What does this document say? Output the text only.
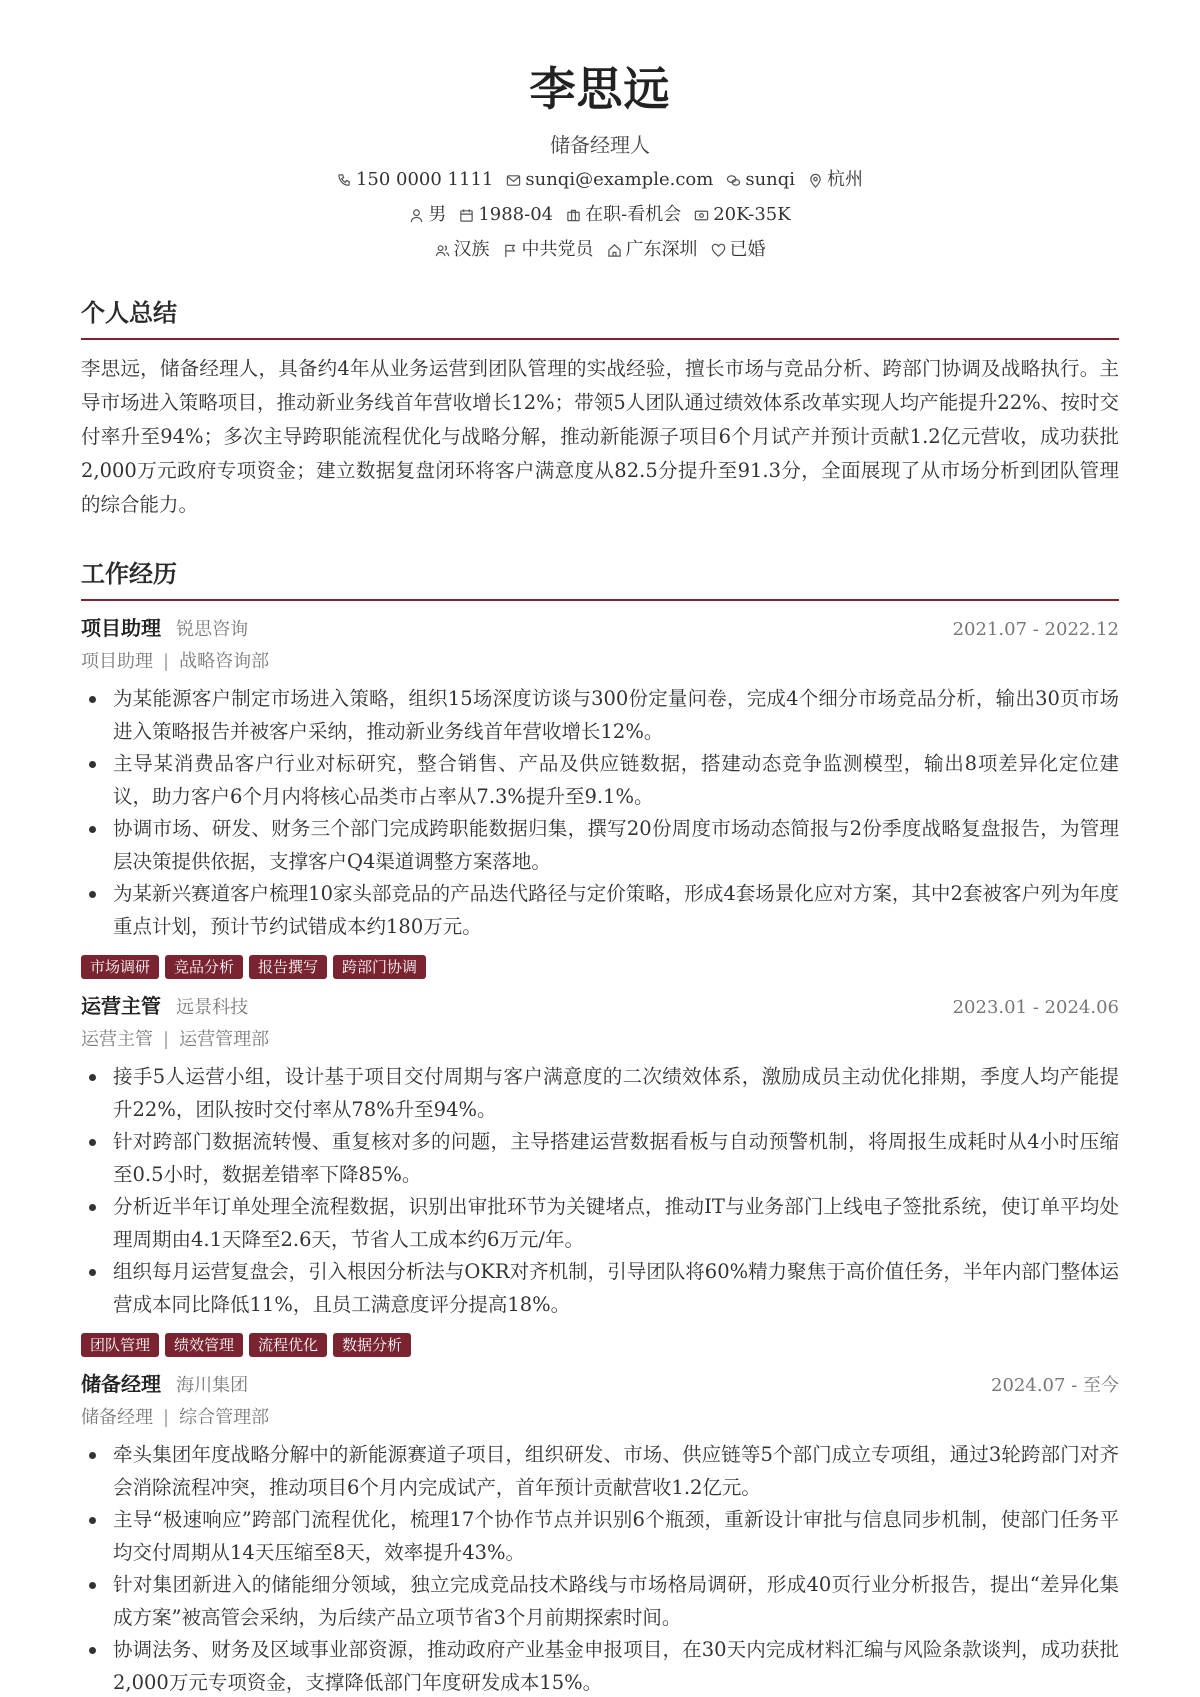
李思远
储备经理人
150 0000 1111 sunqi@example.com sunqi 杭州
男 1988-04 在职-看机会 20K-35K
汉族 中共党员 广东深圳 已婚
个人总结
李思远，储备经理人，具备约4年从业务运营到团队管理的实战经验，擅长市场与竞品分析、跨部门协调及战略执行。主导市场进入策略项目，推动新业务线首年营收增长12%；带领5人团队通过绩效体系改革实现人均产能提升22%、按时交付率升至94%；多次主导跨职能流程优化与战略分解，推动新能源子项目6个月试产并预计贡献1.2亿元营收，成功获批2,000万元政府专项资金；建立数据复盘闭环将客户满意度从82.5分提升至91.3分，全面展现了从市场分析到团队管理的综合能力。
工作经历
项目助理 锐思咨询	2021.07 - 2022.12
项目助理 | 战略咨询部
为某能源客户制定市场进入策略，组织15场深度访谈与300份定量问卷，完成4个细分市场竞品分析，输出30页市场进入策略报告并被客户采纳，推动新业务线首年营收增长12%。
主导某消费品客户行业对标研究，整合销售、产品及供应链数据，搭建动态竞争监测模型，输出8项差异化定位建议，助力客户6个月内将核心品类市占率从7.3%提升至9.1%。
协调市场、研发、财务三个部门完成跨职能数据归集，撰写20份周度市场动态简报与2份季度战略复盘报告，为管理层决策提供依据，支撑客户Q4渠道调整方案落地。
为某新兴赛道客户梳理10家头部竞品的产品迭代路径与定价策略，形成4套场景化应对方案，其中2套被客户列为年度重点计划，预计节约试错成本约180万元。
市场调研	竞品分析	报告撰写	跨部门协调
运营主管 远景科技	2023.01 - 2024.06
运营主管 | 运营管理部
接手5人运营小组，设计基于项目交付周期与客户满意度的二次绩效体系，激励成员主动优化排期，季度人均产能提升22%，团队按时交付率从78%升至94%。
针对跨部门数据流转慢、重复核对多的问题，主导搭建运营数据看板与自动预警机制，将周报生成耗时从4小时压缩至0.5小时，数据差错率下降85%。
分析近半年订单处理全流程数据，识别出审批环节为关键堵点，推动IT与业务部门上线电子签批系统，使订单平均处理周期由4.1天降至2.6天，节省人工成本约6万元/年。
组织每月运营复盘会，引入根因分析法与OKR对齐机制，引导团队将60%精力聚焦于高价值任务，半年内部门整体运营成本同比降低11%，且员工满意度评分提高18%。
团队管理	绩效管理	流程优化	数据分析
储备经理 海川集团	2024.07 - 至今
储备经理 | 综合管理部
牵头集团年度战略分解中的新能源赛道子项目，组织研发、市场、供应链等5个部门成立专项组，通过3轮跨部门对齐会消除流程冲突，推动项目6个月内完成试产，首年预计贡献营收1.2亿元。
主导“极速响应”跨部门流程优化，梳理17个协作节点并识别6个瓶颈，重新设计审批与信息同步机制，使部门任务平均交付周期从14天压缩至8天，效率提升43%。
针对集团新进入的储能细分领域，独立完成竞品技术路线与市场格局调研，形成40页行业分析报告，提出“差异化集成方案”被高管会采纳，为后续产品立项节省3个月前期探索时间。
协调法务、财务及区域事业部资源，推动政府产业基金申报项目，在30天内完成材料汇编与风险条款谈判，成功获批2,000万元专项资金，支撑降低部门年度研发成本15%。
